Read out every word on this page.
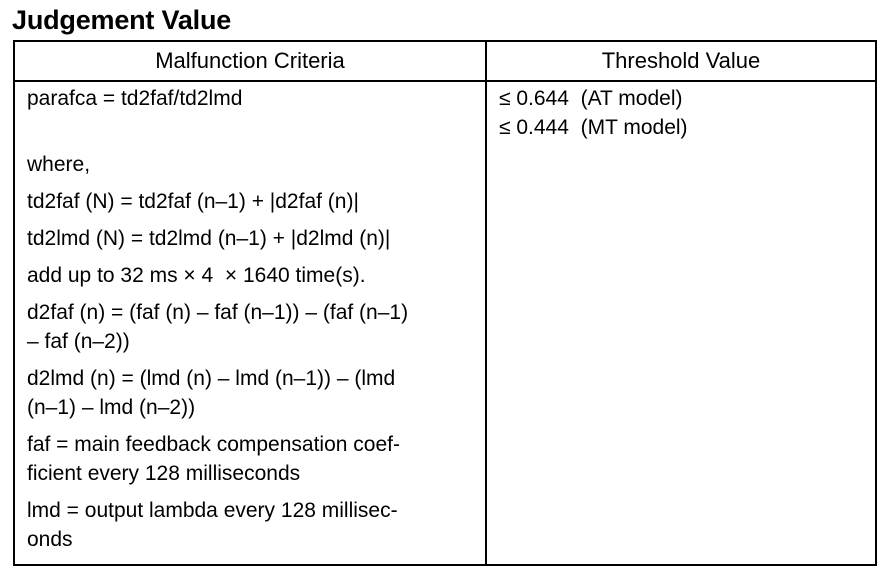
Judgement Value
Malfunction Criteria	Threshold Value
parafca = td2faf/td2lmd
where,
td2faf (N) = td2faf (n–1) + |d2faf (n)|
td2lmd (N) = td2lmd (n–1) + |d2lmd (n)|
add up to 32 ms × 4  × 1640 time(s).
d2faf (n) = (faf (n) – faf (n–1)) – (faf (n–1)
– faf (n–2))
d2lmd (n) = (lmd (n) – lmd (n–1)) – (lmd
(n–1) – lmd (n–2))
faf = main feedback compensation coef-
ficient every 128 milliseconds
lmd = output lambda every 128 millisec-
onds
≤ 0.644  (AT model)
≤ 0.444  (MT model)
